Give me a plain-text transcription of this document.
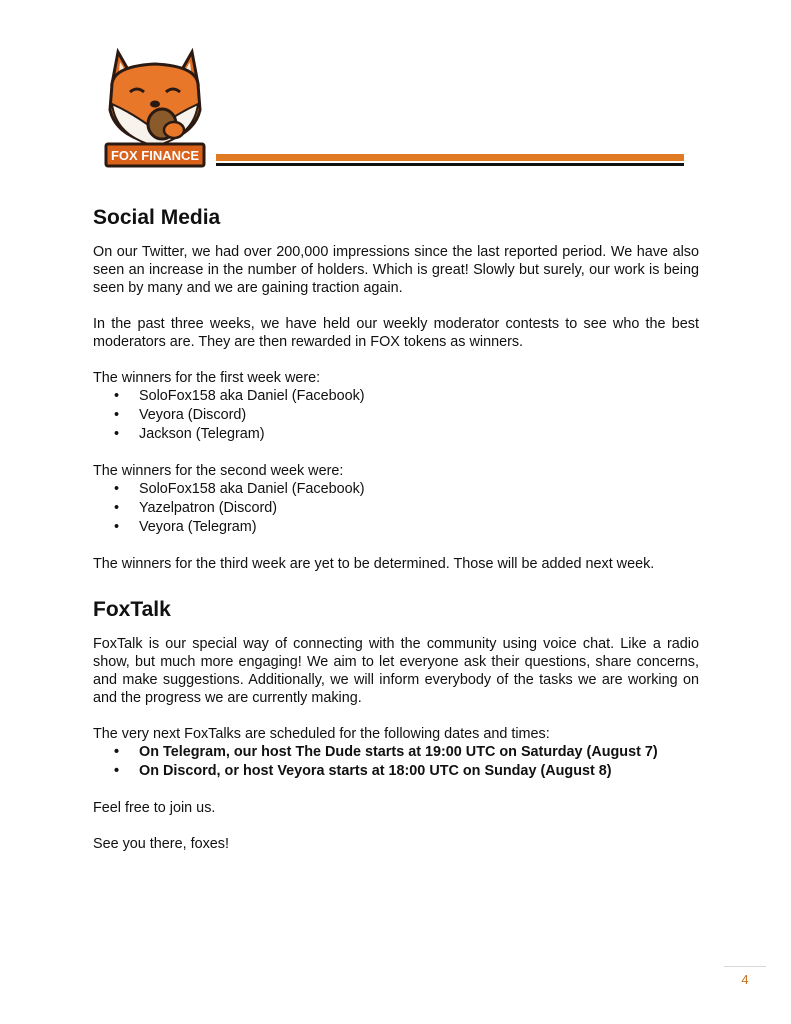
FOX FINANCE
Social Media

On our Twitter, we had over 200,000 impressions since the last reported period. We have also seen an increase in the number of holders. Which is great! Slowly but surely, our work is being seen by many and we are gaining traction again.

In the past three weeks, we have held our weekly moderator contests to see who the best moderators are. They are then rewarded in FOX tokens as winners.

The winners for the first week were:

• SoloFox158 aka Daniel (Facebook)
• Veyora (Discord)
• Jackson (Telegram)

The winners for the second week were:

• SoloFox158 aka Daniel (Facebook)
• Yazelpatron (Discord)
• Veyora (Telegram)

The winners for the third week are yet to be determined. Those will be added next week.

FoxTalk

FoxTalk is our special way of connecting with the community using voice chat. Like a radio show, but much more engaging! We aim to let everyone ask their questions, share concerns, and make suggestions. Additionally, we will inform everybody of the tasks we are working on and the progress we are currently making.

The very next FoxTalks are scheduled for the following dates and times:

• On Telegram, our host The Dude starts at 19:00 UTC on Saturday (August 7)
• On Discord, or host Veyora starts at 18:00 UTC on Sunday (August 8)

Feel free to join us.

See you there, foxes!

4
